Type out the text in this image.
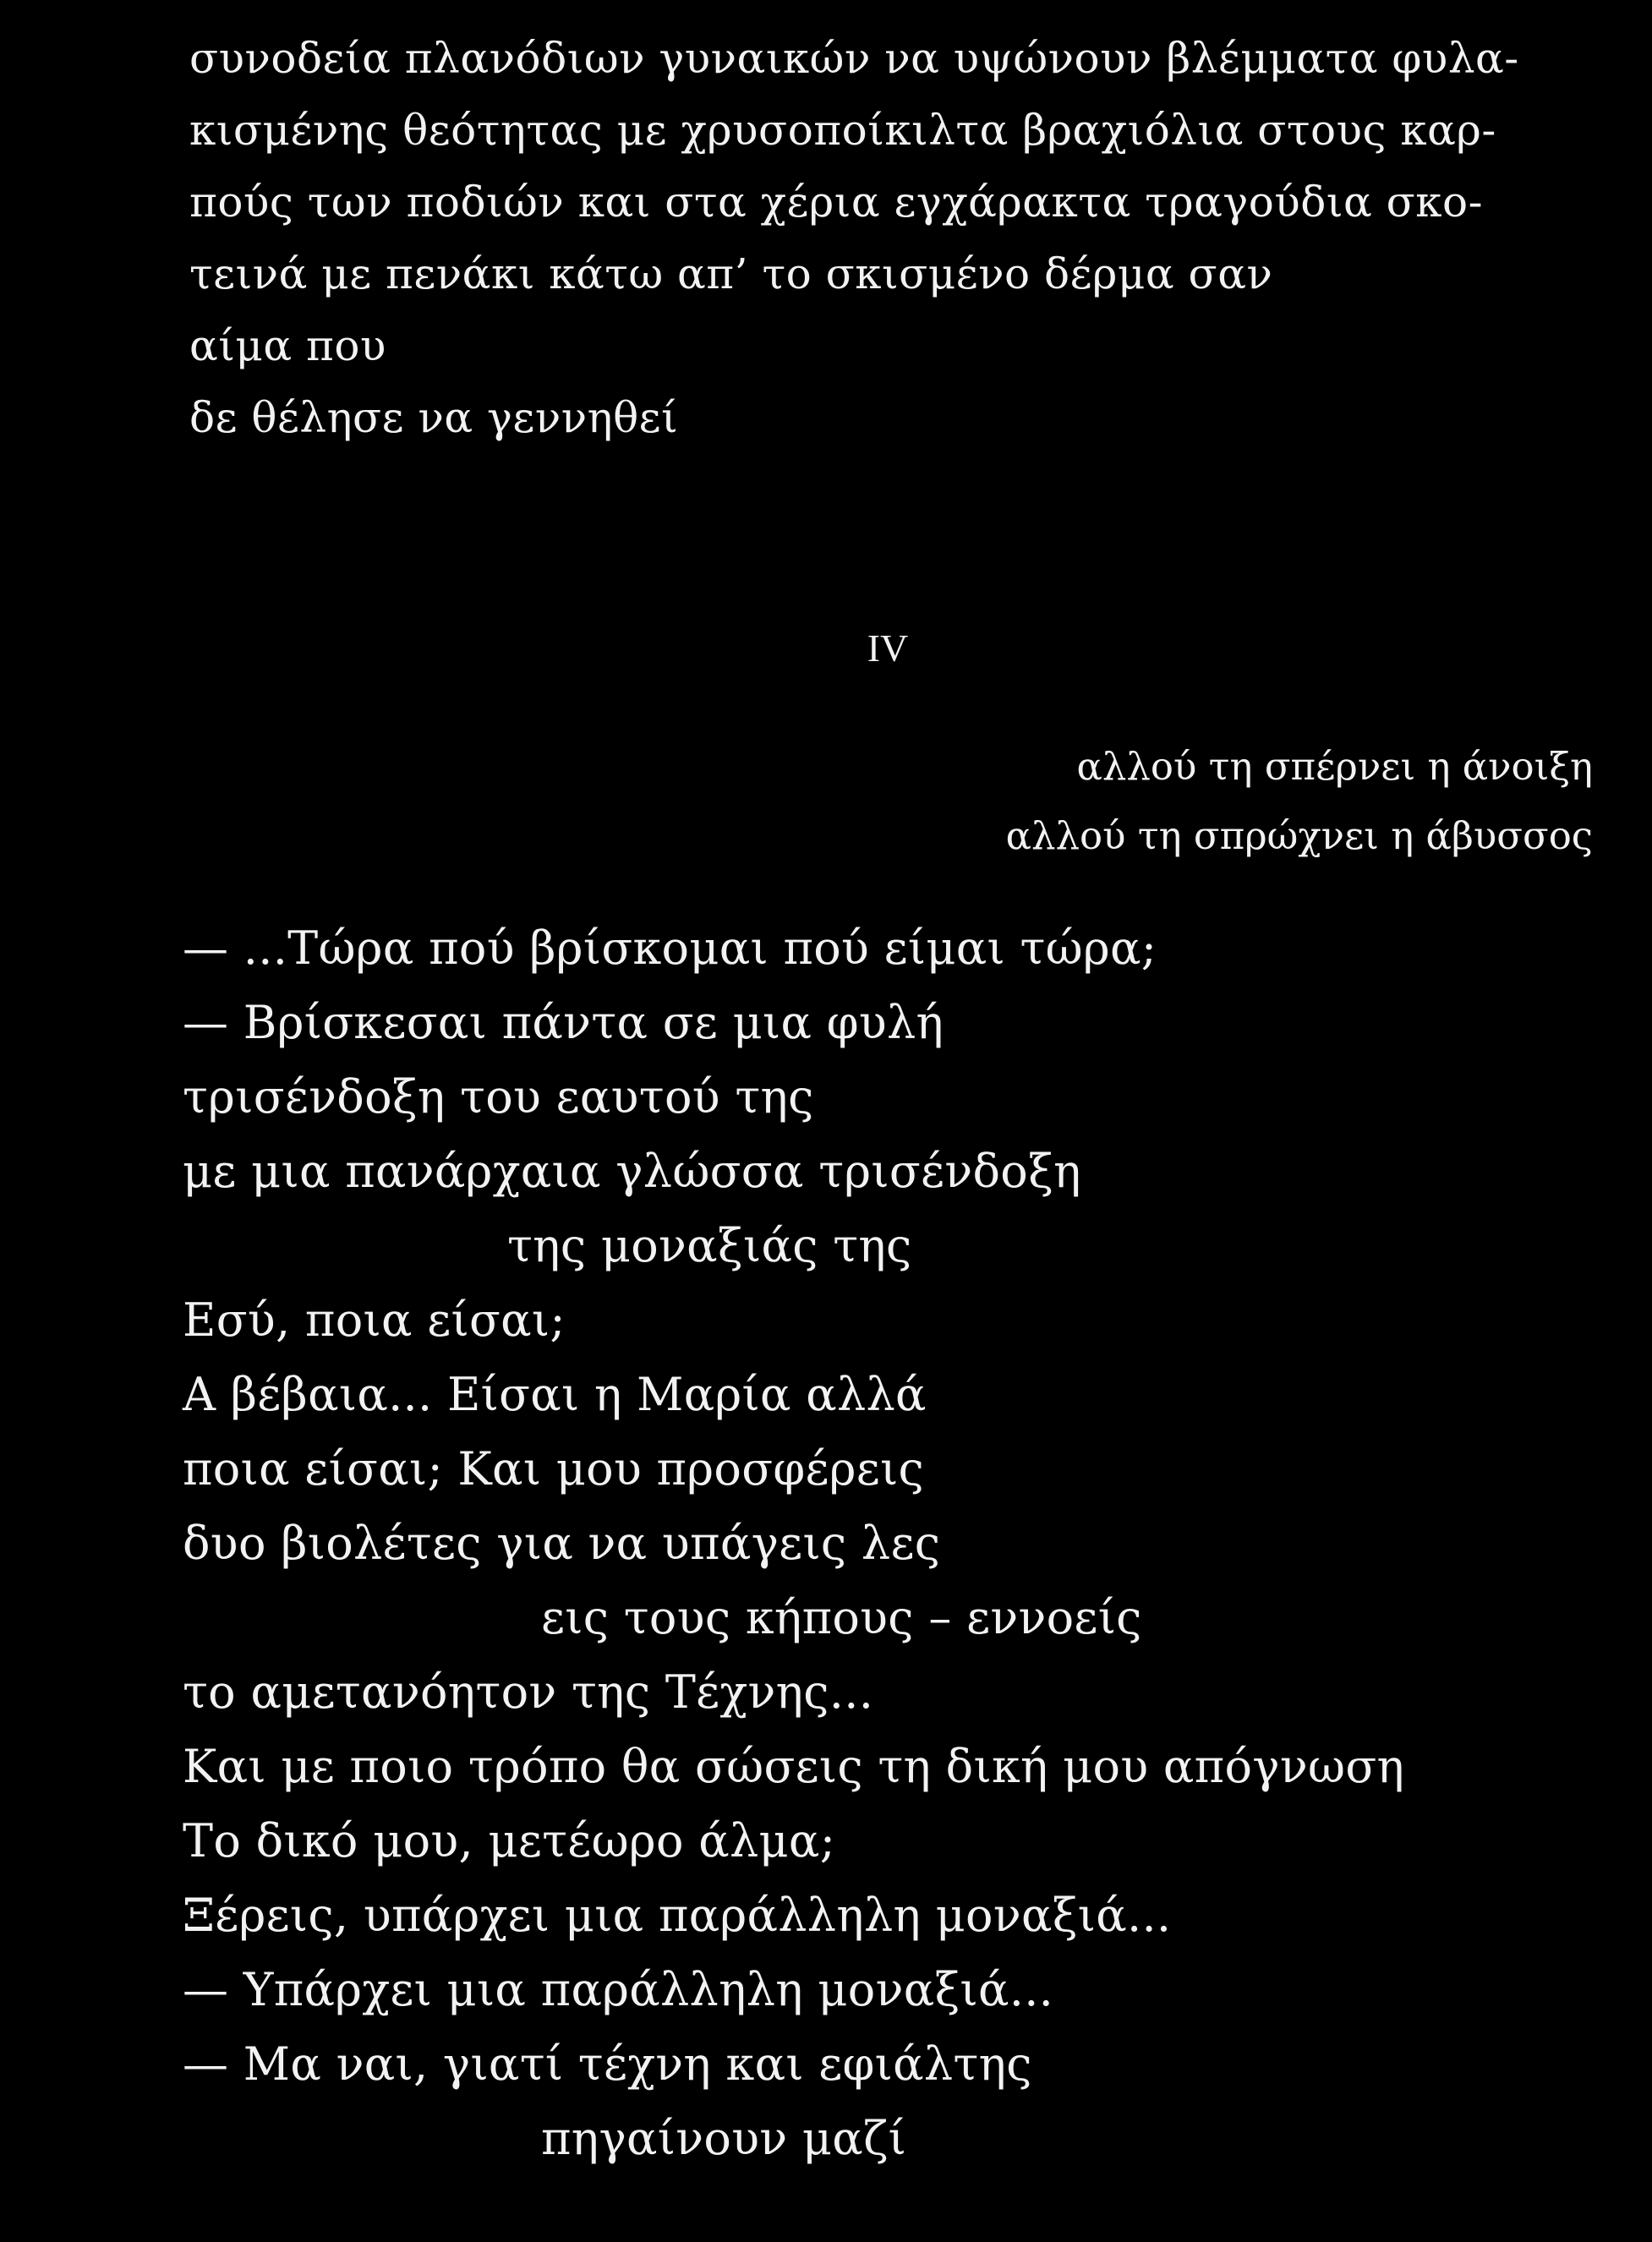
συνοδεία πλανόδιων γυναικών να υψώνουν βλέμματα φυλα-

κισμένης θεότητας με χρυσοποίκιλτα βραχιόλια στους καρ-

πούς των ποδιών και στα χέρια εγχάρακτα τραγούδια σκο-

τεινά με πενάκι κάτω απ’ το σκισμένο δέρμα σαν

αίμα που

δε θέλησε να γεννηθεί

IV

αλλού τη σπέρνει η άνοιξη

αλλού τη σπρώχνει η άβυσσος

— ...Τώρα πού βρίσκομαι πού είμαι τώρα;

— Βρίσκεσαι πάντα σε μια φυλή

τρισένδοξη του εαυτού της

με μια πανάρχαια γλώσσα τρισένδοξη

της μοναξιάς της

Εσύ, ποια είσαι;

Α βέβαια... Είσαι η Μαρία αλλά

ποια είσαι; Και μου προσφέρεις

δυο βιολέτες για να υπάγεις λες

εις τους κήπους – εννοείς

το αμετανόητον της Τέχνης...

Και με ποιο τρόπο θα σώσεις τη δική μου απόγνωση

Το δικό μου, μετέωρο άλμα;

Ξέρεις, υπάρχει μια παράλληλη μοναξιά...

— Υπάρχει μια παράλληλη μοναξιά...

— Μα ναι, γιατί τέχνη και εφιάλτης

πηγαίνουν μαζί
